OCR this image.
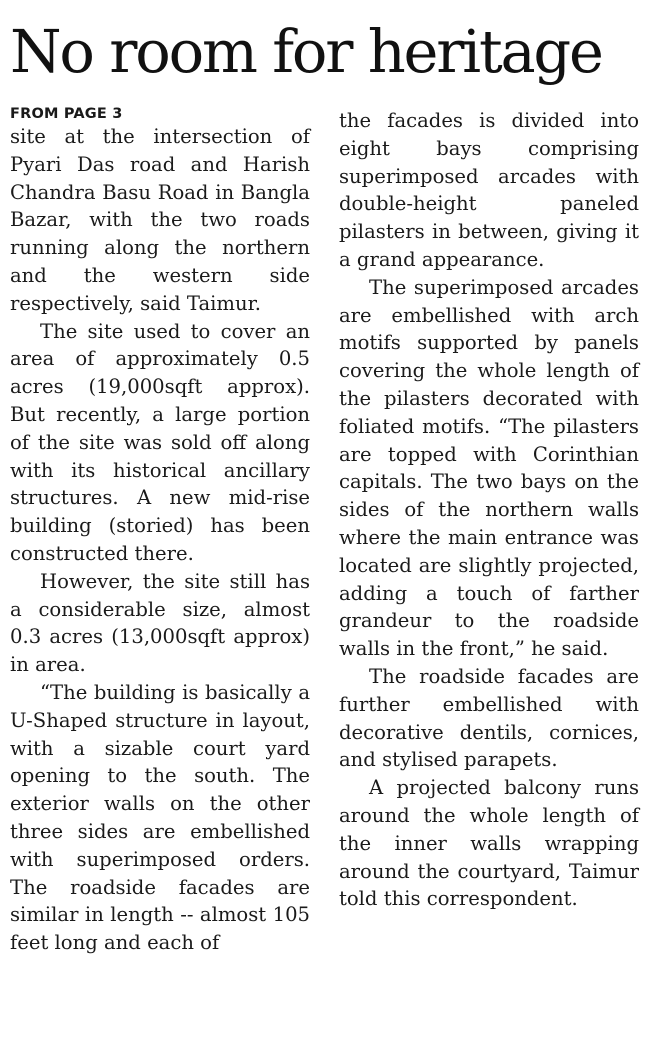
No room for heritage

FROM PAGE 3

site at the intersection of Pyari Das road and Harish Chandra Basu Road in Bangla Bazar, with the two roads running along the northern and the western side respectively, said Taimur.

The site used to cover an area of approximately 0.5 acres (19,000sqft approx). But recently, a large portion of the site was sold off along with its historical ancillary structures. A new mid-rise building (storied) has been constructed there.

However, the site still has a considerable size, almost 0.3 acres (13,000sqft approx) in area.

“The building is basically a U-Shaped structure in layout, with a sizable court yard opening to the south. The exterior walls on the other three sides are embellished with superimposed orders. The roadside facades are similar in length -- almost 105 feet long and each of

the facades is divided into eight bays comprising superimposed arcades with double-height paneled pilasters in between, giving it a grand appearance.

The superimposed arcades are embellished with arch motifs supported by panels covering the whole length of the pilasters decorated with foliated motifs. “The pilasters are topped with Corinthian capitals. The two bays on the sides of the northern walls where the main entrance was located are slightly projected, adding a touch of farther grandeur to the roadside walls in the front,” he said.

The roadside facades are further embellished with decorative dentils, cornices, and stylised parapets.

A projected balcony runs around the whole length of the inner walls wrapping around the courtyard, Taimur told this correspondent.
